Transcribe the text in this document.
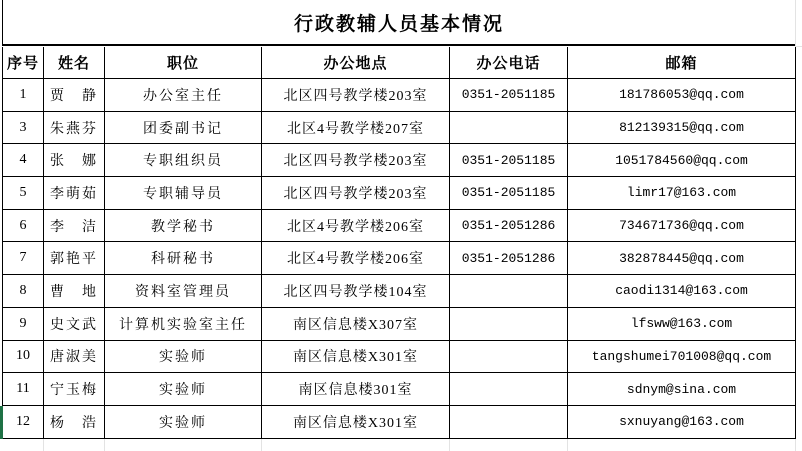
行政教辅人员基本情况
序号	姓名	职位	办公地点	办公电话	邮箱
1	贾　静	办公室主任	北区四号教学楼203室	0351-2051185	181786053@qq.com
3	朱燕芬	团委副书记	北区4号教学楼207室		812139315@qq.com
4	张　娜	专职组织员	北区四号教学楼203室	0351-2051185	1051784560@qq.com
5	李萌茹	专职辅导员	北区四号教学楼203室	0351-2051185	limr17@163.com
6	李　洁	教学秘书	北区4号教学楼206室	0351-2051286	734671736@qq.com
7	郭艳平	科研秘书	北区4号教学楼206室	0351-2051286	382878445@qq.com
8	曹　地	资料室管理员	北区四号教学楼104室		caodi1314@163.com
9	史文武	计算机实验室主任	南区信息楼X307室		lfsww@163.com
10	唐淑美	实验师	南区信息楼X301室		tangshumei701008@qq.com
11	宁玉梅	实验师	南区信息楼301室		sdnym@sina.com
12	杨　浩	实验师	南区信息楼X301室		sxnuyang@163.com
